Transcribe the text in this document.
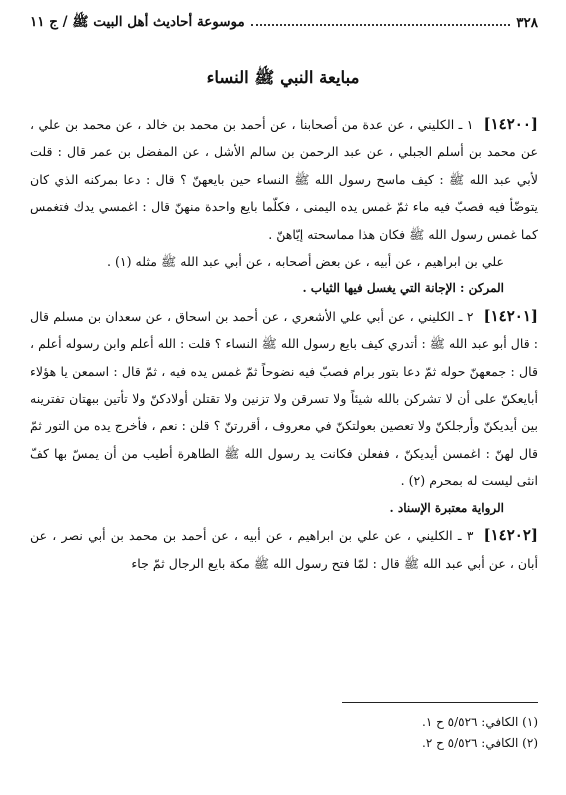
٣٢٨
موسوعة أحاديث أهل البيت ﷺ / ج ١١
مبايعة النبي ﷺ النساء

[١٤٢٠٠]
١ ـ الكليني ، عن عدة من أصحابنا ، عن أحمد بن محمد بن خالد ، عن محمد بن علي ، عن محمد بن أسلم الجبلي ، عن عبد الرحمن بن سالم الأشل ، عن المفضل بن عمر قال : قلت لأبي عبد الله ﷺ : كيف ماسح رسول الله ﷺ النساء حين بايعهنّ ؟ قال : دعا بمركنه الذي كان يتوضّأ فيه فصبّ فيه ماء ثمّ غمس يده اليمنى ، فكلّما بايع واحدة منهنّ قال : اغمسي يدك فتغمس كما غمس رسول الله ﷺ فكان هذا مماسحته إيّاهنّ .

علي بن ابراهيم ، عن أبيه ، عن بعض أصحابه ، عن أبي عبد الله ﷺ مثله (١) .

المركن : الإجانة التي يغسل فيها الثياب .

[١٤٢٠١]
٢ ـ الكليني ، عن أبي علي الأشعري ، عن أحمد بن اسحاق ، عن سعدان بن مسلم قال : قال أبو عبد الله ﷺ : أتدري كيف بايع رسول الله ﷺ النساء ؟ قلت : الله أعلم وابن رسوله أعلم ، قال : جمعهنّ حوله ثمّ دعا بتور برام فصبّ فيه نضوحاً ثمّ غمس يده فيه ، ثمّ قال : اسمعن يا هؤلاء أبايعكنّ على أن لا تشركن بالله شيئاً ولا تسرقن ولا تزنين ولا تقتلن أولادكنّ ولا تأتين ببهتان تفترينه بين أيديكنّ وأرجلكنّ ولا تعصين بعولتكنّ في معروف ، أقررتنّ ؟ قلن : نعم ، فأخرج يده من التور ثمّ قال لهنّ : اغمسن أيديكنّ ، ففعلن فكانت يد رسول الله ﷺ الطاهرة أطيب من أن يمسّ بها كفّ انثى ليست له بمحرم (٢) .

الرواية معتبرة الإسناد .

[١٤٢٠٢]
٣ ـ الكليني ، عن علي بن ابراهيم ، عن أبيه ، عن أحمد بن محمد بن أبي نصر ، عن أبان ، عن أبي عبد الله ﷺ قال : لمّا فتح رسول الله ﷺ مكة بايع الرجال ثمّ جاء

(١) الكافي: ٥/٥٢٦ ح ١.
(٢) الكافي: ٥/٥٢٦ ح ٢.
